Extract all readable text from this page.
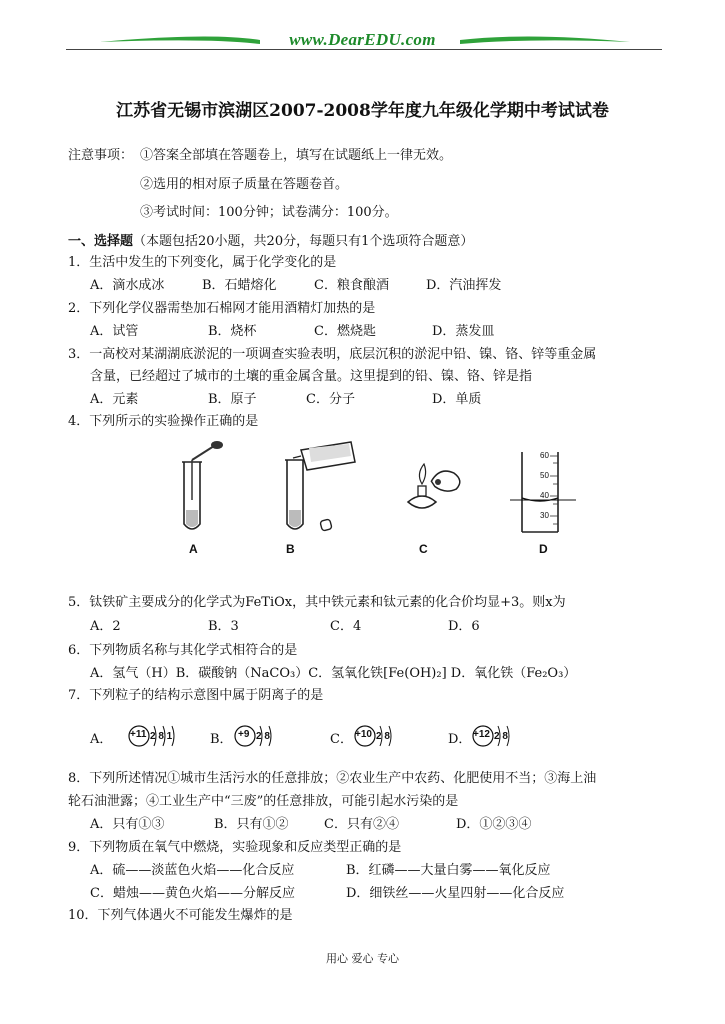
www.DearEDU.com
江苏省无锡市滨湖区2007-2008学年度九年级化学期中考试试卷
注意事项： ①答案全部填在答题卷上，填写在试题纸上一律无效。
②选用的相对原子质量在答题卷首。
③考试时间：100分钟；试卷满分：100分。
一、选择题（本题包括20小题，共20分，每题只有1个选项符合题意）
1．生活中发生的下列变化，属于化学变化的是
A．滴水成冰	B．石蜡熔化	C．粮食酿酒	D．汽油挥发
2．下列化学仪器需垫加石棉网才能用酒精灯加热的是
A．试管	B．烧杯	C．燃烧匙	D．蒸发皿
3．一高校对某湖湖底淤泥的一项调查实验表明，底层沉积的淤泥中铅、镍、铬、锌等重金属
含量，已经超过了城市的土壤的重金属含量。这里提到的铅、镍、铬、锌是指
A．元素	B．原子	C．分子	D．单质
4．下列所示的实验操作正确的是
A	B	C
60
50
40
30
D
5．钛铁矿主要成分的化学式为FeTiOx，其中铁元素和钛元素的化合价均显+3。则x为
A．2	B．3	C．4	D．6
6．下列物质名称与其化学式相符合的是
A．氢气（H）B．碳酸钠（NaCO₃）C．氢氧化铁[Fe(OH)₂] D．氧化铁（Fe₂O₃）
7．下列粒子的结构示意图中属于阴离子的是
A． +11 2 8 1	B． +9 2 8	C． +10 2 8	D． +12 2 8
8．下列所述情况①城市生活污水的任意排放；②农业生产中农药、化肥使用不当；③海上油
轮石油泄露；④工业生产中“三废”的任意排放，可能引起水污染的是
A．只有①③	B．只有①②	C．只有②④	D．①②③④
9．下列物质在氧气中燃烧，实验现象和反应类型正确的是
A．硫——淡蓝色火焰——化合反应	B．红磷——大量白雾——氧化反应
C．蜡烛——黄色火焰——分解反应	D．细铁丝——火星四射——化合反应
10．下列气体遇火不可能发生爆炸的是
用心 爱心 专心
